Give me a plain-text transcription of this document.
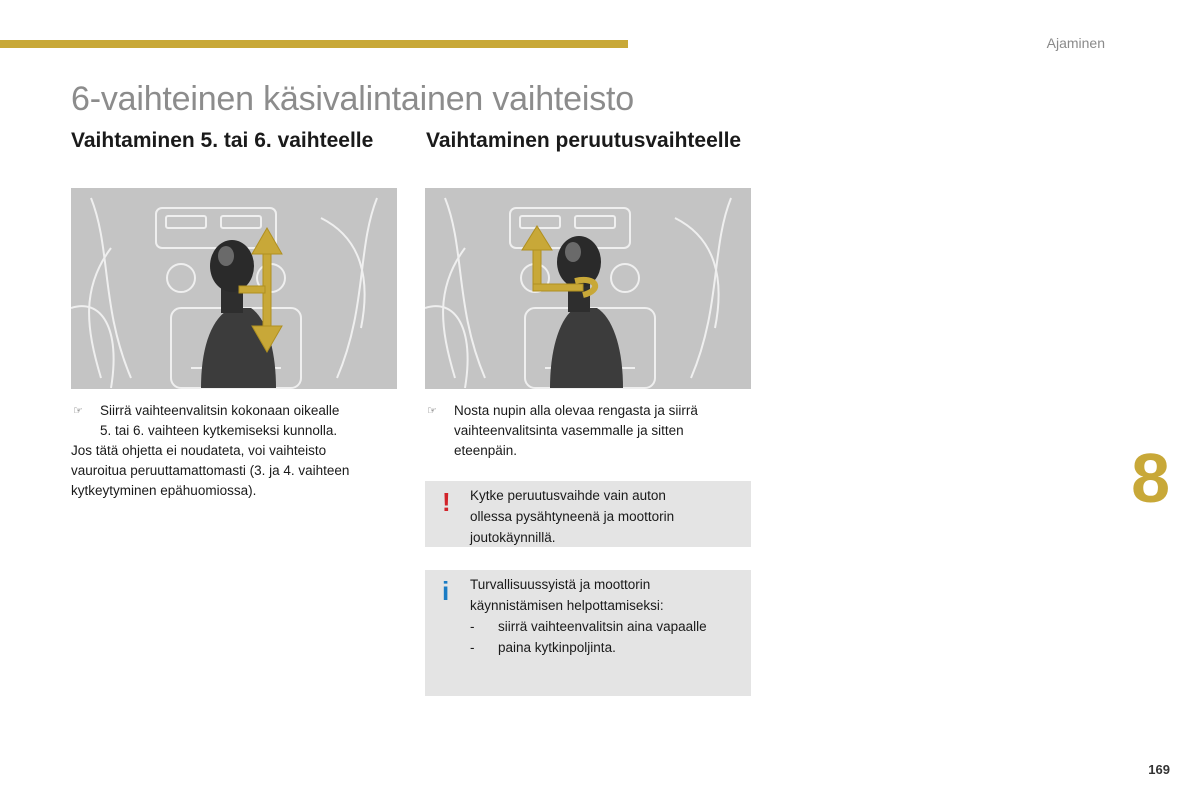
Ajaminen
6-vaihteinen käsivalintainen vaihteisto
Vaihtaminen 5. tai 6. vaihteelle	Vaihtaminen peruutusvaihteelle
☞ Siirrä vaihteenvalitsin kokonaan oikealle
5. tai 6. vaihteen kytkemiseksi kunnolla.
Jos tätä ohjetta ei noudateta, voi vaihteisto
vauroitua peruuttamattomasti (3. ja 4. vaihteen
kytkeytyminen epähuomiossa).
☞ Nosta nupin alla olevaa rengasta ja siirrä
vaihteenvalitsinta vasemmalle ja sitten
eteenpäin.
! Kytke peruutusvaihde vain auton
ollessa pysähtyneenä ja moottorin
joutokäynnillä.
i Turvallisuussyistä ja moottorin
käynnistämisen helpottamiseksi:
- siirrä vaihteenvalitsin aina vapaalle
- paina kytkinpoljinta.
8
169
